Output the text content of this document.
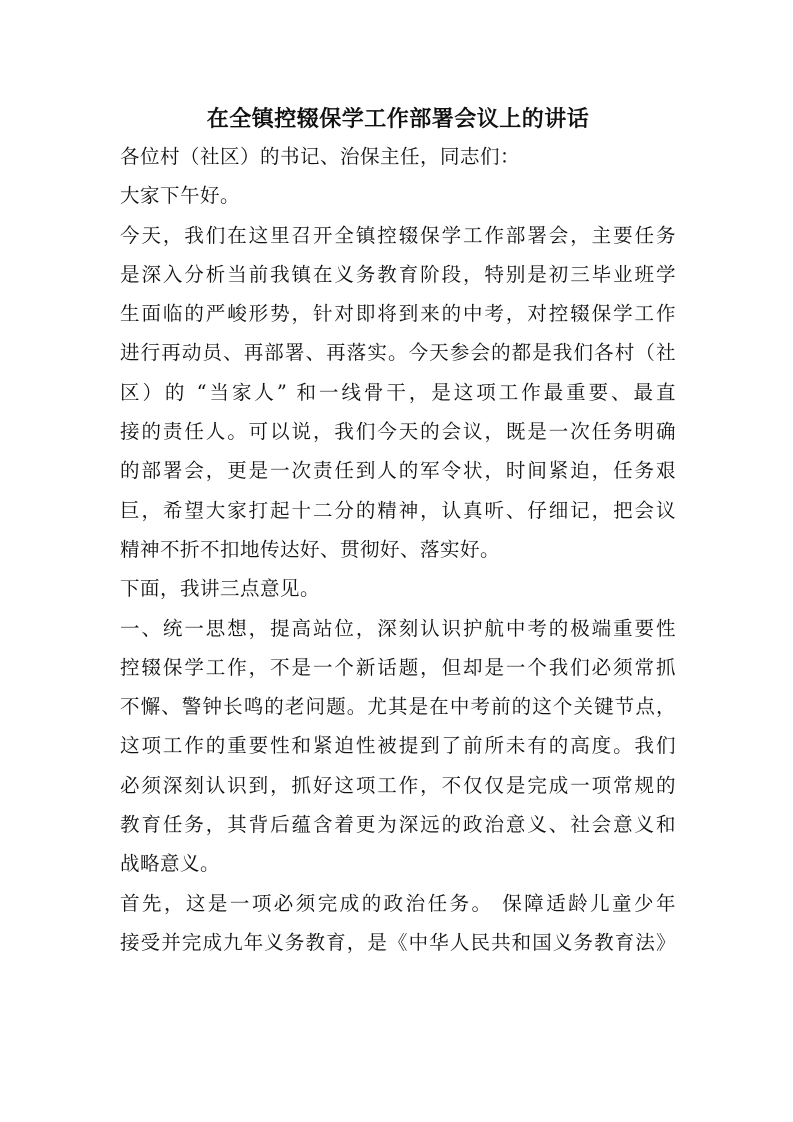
在全镇控辍保学工作部署会议上的讲话
各位村（社区）的书记、治保主任，同志们：
大家下午好。
今天，我们在这里召开全镇控辍保学工作部署会，主要任务
是深入分析当前我镇在义务教育阶段，特别是初三毕业班学
生面临的严峻形势，针对即将到来的中考，对控辍保学工作
进行再动员、再部署、再落实。今天参会的都是我们各村（社
区）的 “当家人” 和一线骨干，是这项工作最重要、最直
接的责任人。可以说，我们今天的会议，既是一次任务明确
的部署会，更是一次责任到人的军令状，时间紧迫，任务艰
巨，希望大家打起十二分的精神，认真听、仔细记，把会议
精神不折不扣地传达好、贯彻好、落实好。
下面，我讲三点意见。
一、统一思想，提高站位，深刻认识护航中考的极端重要性
控辍保学工作，不是一个新话题，但却是一个我们必须常抓
不懈、警钟长鸣的老问题。尤其是在中考前的这个关键节点，
这项工作的重要性和紧迫性被提到了前所未有的高度。我们
必须深刻认识到，抓好这项工作，不仅仅是完成一项常规的
教育任务，其背后蕴含着更为深远的政治意义、社会意义和
战略意义。
首先，这是一项必须完成的政治任务。 保障适龄儿童少年
接受并完成九年义务教育，是《中华人民共和国义务教育法》
